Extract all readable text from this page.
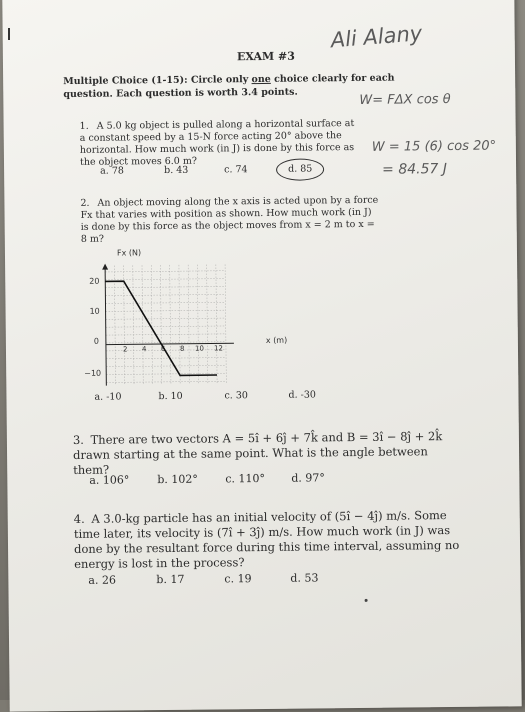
Ali Alany
EXAM #3
Multiple Choice (1-15): Circle only one choice clearly for each question. Each question is worth 3.4 points.	W= FΔX cos θ
W = 15 (6) cos 20°
= 84.57 J
1. A 5.0 kg object is pulled along a horizontal surface at a constant speed by a 15-N force acting 20° above the horizontal. How much work (in J) is done by this force as the object moves 6.0 m?
a. 78	b. 43	c. 74	d. 85
2. An object moving along the x axis is acted upon by a force Fx that varies with position as shown. How much work (in J) is done by this force as the object moves from x = 2 m to x = 8 m?
Fx (N)
x (m)
20
10
0
−10
2 4 6 8 10 12
a. -10	b. 10	c. 30	d. -30
3. There are two vectors A = 5î + 6ĵ + 7k̂ and B = 3î − 8ĵ + 2k̂ drawn starting at the same point. What is the angle between them?
a. 106°	b. 102° c. 110° d. 97°
4. A 3.0-kg particle has an initial velocity of (5î − 4ĵ) m/s. Some time later, its velocity is (7î + 3ĵ) m/s. How much work (in J) was done by the resultant force during this time interval, assuming no energy is lost in the process?
a. 26	b. 17	c. 19	d. 53
